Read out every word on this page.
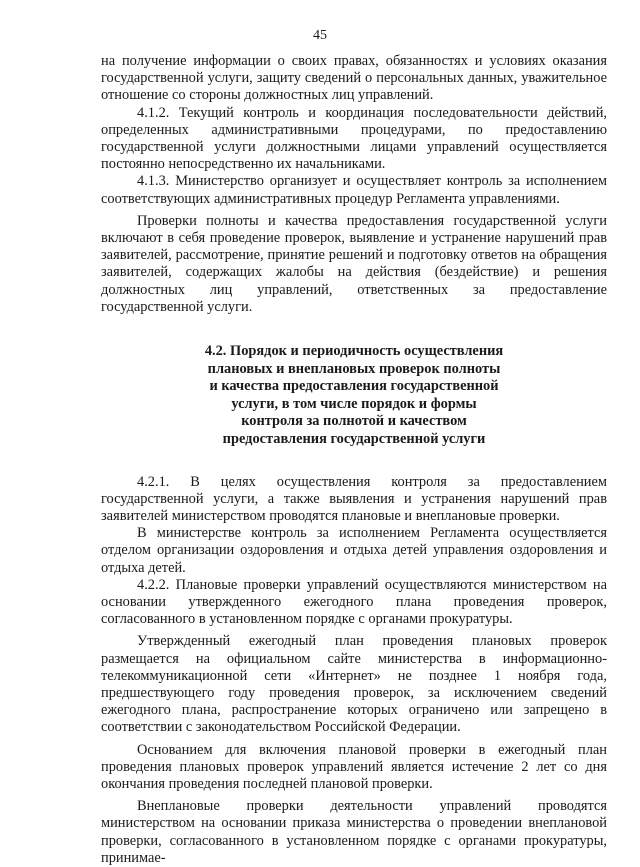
45

на получение информации о своих правах, обязанностях и условиях оказания государственной услуги, защиту сведений о персональных данных, уважительное отношение со стороны должностных лиц управлений.

4.1.2. Текущий контроль и координация последовательности действий, определенных административными процедурами, по предоставлению государственной услуги должностными лицами управлений осуществляется постоянно непосредственно их начальниками.

4.1.3. Министерство организует и осуществляет контроль за исполнением соответствующих административных процедур Регламента управлениями.

Проверки полноты и качества предоставления государственной услуги включают в себя проведение проверок, выявление и устранение нарушений прав заявителей, рассмотрение, принятие решений и подготовку ответов на обращения заявителей, содержащих жалобы на действия (бездействие) и решения должностных лиц управлений, ответственных за предоставление государственной услуги.

4.2. Порядок и периодичность осуществления
плановых и внеплановых проверок полноты
и качества предоставления государственной
услуги, в том числе порядок и формы
контроля за полнотой и качеством
предоставления государственной услуги

4.2.1. В целях осуществления контроля за предоставлением государственной услуги, а также выявления и устранения нарушений прав заявителей министерством проводятся плановые и внеплановые проверки.

В министерстве контроль за исполнением Регламента осуществляется отделом организации оздоровления и отдыха детей управления оздоровления и отдыха детей.

4.2.2. Плановые проверки управлений осуществляются министерством на основании утвержденного ежегодного плана проведения проверок, согласованного в установленном порядке с органами прокуратуры.

Утвержденный ежегодный план проведения плановых проверок размещается на официальном сайте министерства в информационно-телекоммуникационной сети «Интернет» не позднее 1 ноября года, предшествующего году проведения проверок, за исключением сведений ежегодного плана, распространение которых ограничено или запрещено в соответствии с законодательством Российской Федерации.

Основанием для включения плановой проверки в ежегодный план проведения плановых проверок управлений является истечение 2 лет со дня окончания проведения последней плановой проверки.

Внеплановые проверки деятельности управлений проводятся министерством на основании приказа министерства о проведении внеплановой проверки, согласованного в установленном порядке с органами прокуратуры, принимае-
